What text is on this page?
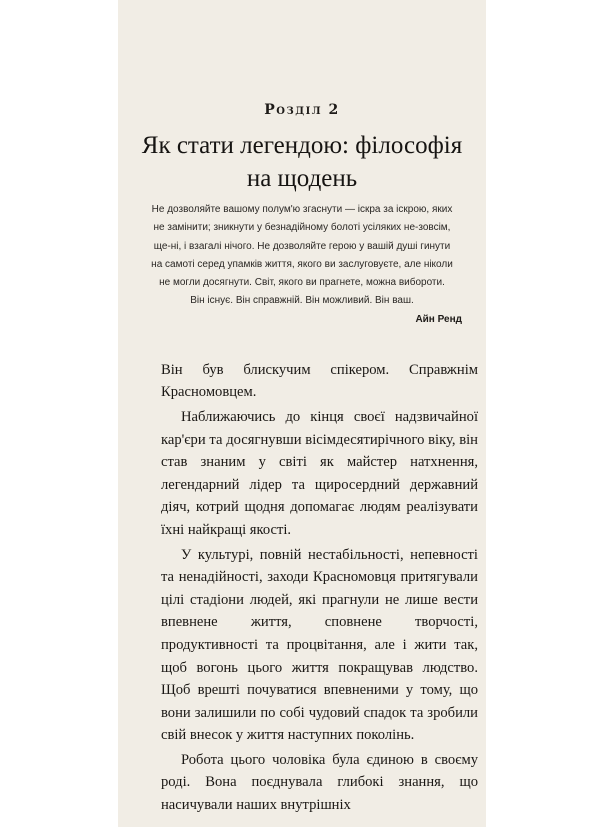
Розділ 2
Як стати легендою: філософія
на щодень
Не дозволяйте вашому полум'ю згаснути — іскра за іскрою, яких
не замінити; зникнути у безнадійному болоті усіляких не-зовсім,
ще-ні, і взагалі нічого. Не дозволяйте герою у вашій душі гинути
на самоті серед упамків життя, якого ви заслуговуєте, але ніколи
не могли досягнути. Світ, якого ви прагнете, можна вибороти.
Він існує. Він справжній. Він можливий. Він ваш.
Айн Ренд

Він був блискучим спікером. Справжнім Красномовцем.

Наближаючись до кінця своєї надзвичайної кар'єри та досягнувши вісімдесятирічного віку, він став знаним у світі як майстер натхнення, легендарний лідер та щиросердний державний діяч, котрий щодня допомагає людям реалізувати їхні найкращі якості.

У культурі, повній нестабільності, непевності та ненадійності, заходи Красномовця притягували цілі стадіони людей, які прагнули не лише вести впевнене життя, сповнене творчості, продуктивності та процвітання, але і жити так, щоб вогонь цього життя покращував людство. Щоб врешті почуватися впевненими у тому, що вони залишили по собі чудовий спадок та зробили свій внесок у життя наступних поколінь.

Робота цього чоловіка була єдиною в своєму роді. Вона поєднувала глибокі знання, що насичували наших внутрішніх
